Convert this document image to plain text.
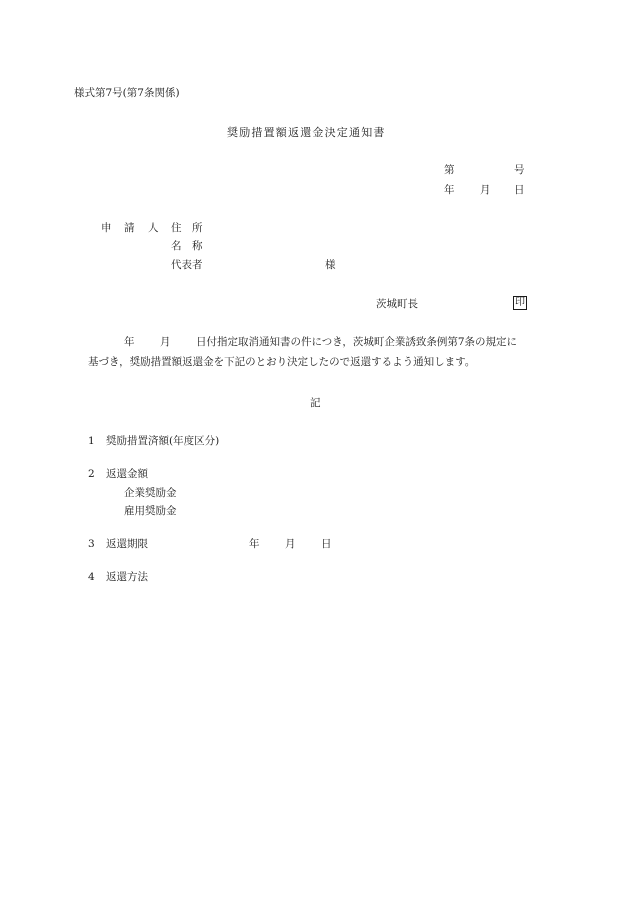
様式第7号(第7条関係)
奨励措置額返還金決定通知書
第	号
年 月 日
申 請 人 住　所
名　称
代表者	様
茨城町長	印
年 月 日付指定取消通知書の件につき，茨城町企業誘致条例第7条の規定に
基づき，奨励措置額返還金を下記のとおり決定したので返還するよう通知します。
記
1 奨励措置済額(年度区分)
2 返還金額
企業奨励金
雇用奨励金
3 返還期限	年 月 日
4 返還方法
